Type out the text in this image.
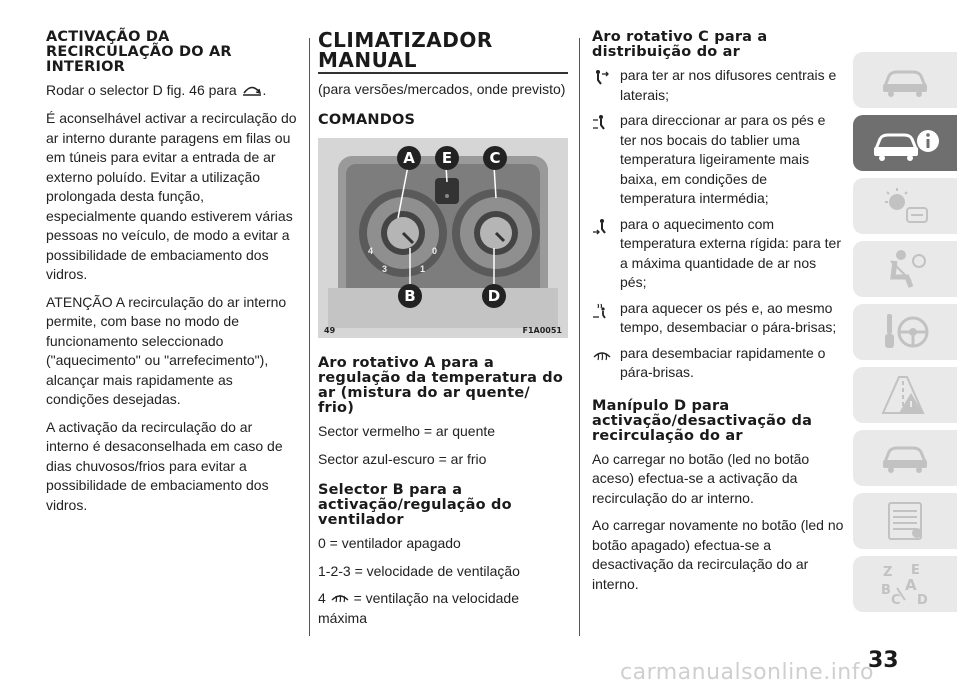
ACTIVAÇÃO DA RECIRCULAÇÃO DO AR INTERIOR

Rodar o selector D fig. 46 para .

É aconselhável activar a recirculação do ar interno durante paragens em filas ou em túneis para evitar a entrada de ar externo poluído. Evitar a utilização prolongada desta função, especialmente quando estiverem várias pessoas no veículo, de modo a evitar a possibilidade de embaciamento dos vidros.

ATENÇÃO A recirculação do ar interno permite, com base no modo de funcionamento seleccionado ("aquecimento" ou "arrefecimento"), alcançar mais rapidamente as condições desejadas.

A activação da recirculação do ar interno é desaconselhada em caso de dias chuvosos/frios para evitar a possibilidade de embaciamento dos vidros.

CLIMATIZADOR
MANUAL

(para versões/mercados, onde previsto)

COMANDOS
4
3	1
0
A E C
B	D
49	F1A0051
Aro rotativo A para a regulação da temperatura do ar (mistura do ar quente/ frio)

Sector vermelho = ar quente

Sector azul-escuro = ar frio

Selector B para a activação/regulação do ventilador

0 = ventilador apagado

1-2-3 = velocidade de ventilação

4 = ventilação na velocidade máxima

Aro rotativo C para a distribuição do ar
para ter ar nos difusores centrais e laterais;
para direccionar ar para os pés e ter nos bocais do tablier uma temperatura ligeiramente mais baixa, em condições de temperatura intermédia;
para o aquecimento com temperatura externa rígida: para ter a máxima quantidade de ar nos pés;
para aquecer os pés e, ao mesmo tempo, desembaciar o pára-brisas;
para desembaciar rapidamente o pára-brisas.
Manípulo D para activação/desactivação da recirculação do ar

Ao carregar no botão (led no botão aceso) efectua-se a activação da recirculação do ar interno.

Ao carregar novamente no botão (led no botão apagado) efectua-se a desactivação da recirculação do ar interno.

Z E
A
B
C D
33
carmanualsonline.info
